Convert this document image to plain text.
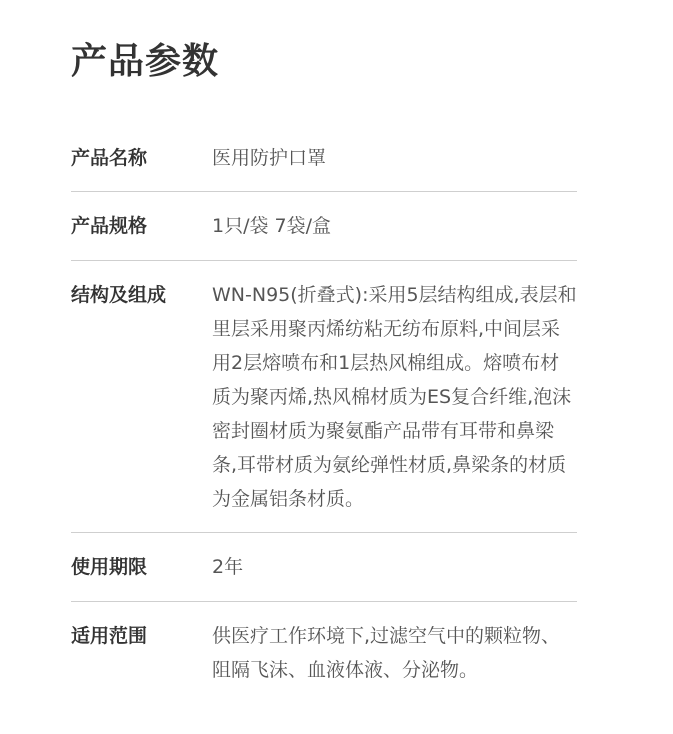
产品参数
产品名称	医用防护口罩
产品规格	1只/袋 7袋/盒
结构及组成	WN-N95(折叠式):采用5层结构组成,表层和里层采用聚丙烯纺粘无纺布原料,中间层采用2层熔喷布和1层热风棉组成。熔喷布材质为聚丙烯,热风棉材质为ES复合纤维,泡沫密封圈材质为聚氨酯产品带有耳带和鼻梁条,耳带材质为氨纶弹性材质,鼻梁条的材质为金属铝条材质。
使用期限	2年
适用范围	供医疗工作环境下,过滤空气中的颗粒物、阻隔飞沫、血液体液、分泌物。
